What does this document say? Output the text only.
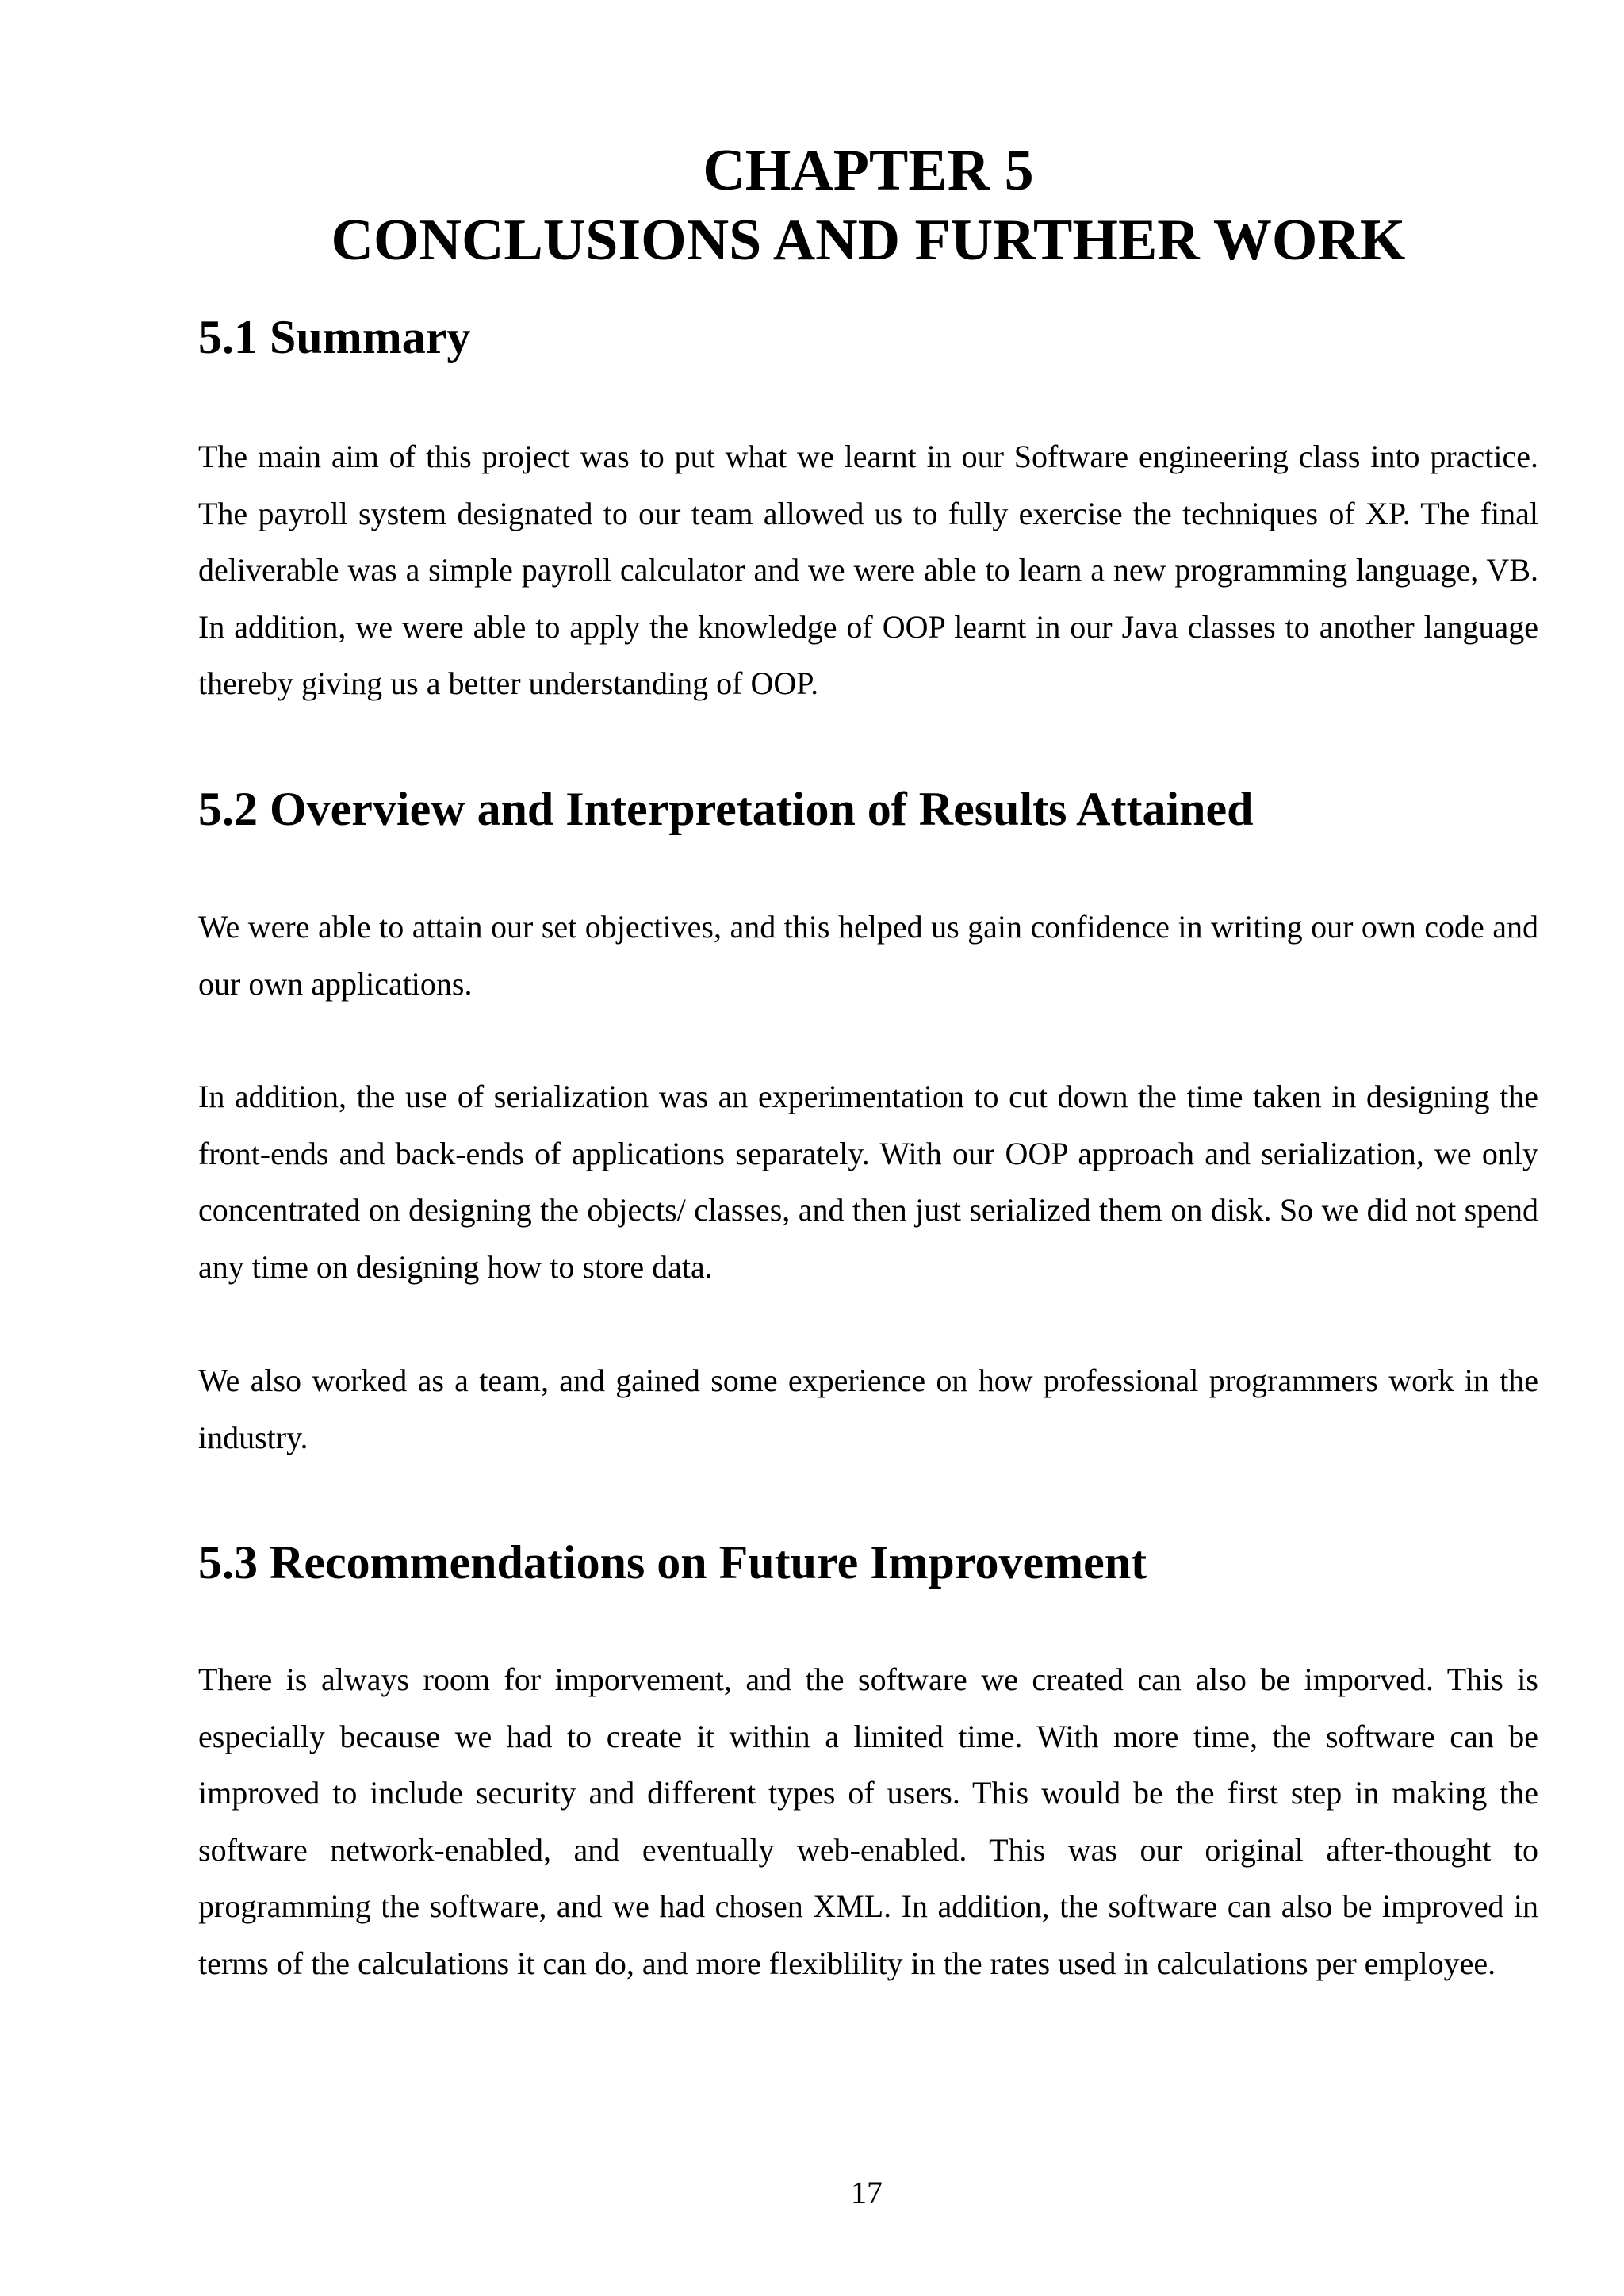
CHAPTER 5
CONCLUSIONS AND FURTHER WORK
5.1 Summary

The main aim of this project was to put what we learnt in our Software engineering class into practice. The payroll system designated to our team allowed us to fully exercise the techniques of XP. The final deliverable was a simple payroll calculator and we were able to learn a new programming language, VB. In addition, we were able to apply the knowledge of OOP learnt in our Java classes to another language thereby giving us a better understanding of OOP.

5.2 Overview and Interpretation of Results Attained

We were able to attain our set objectives, and this helped us gain confidence in writing our own code and our own applications.

In addition, the use of serialization was an experimentation to cut down the time taken in designing the front-ends and back-ends of applications separately. With our OOP approach and serialization, we only concentrated on designing the objects/ classes, and then just serialized them on disk. So we did not spend any time on designing how to store data.

We also worked as a team, and gained some experience on how professional programmers work in the industry.

5.3 Recommendations on Future Improvement

There is always room for imporvement, and the software we created can also be imporved. This is especially because we had to create it within a limited time. With more time, the software can be improved to include security and different types of users. This would be the first step in making the software network-enabled, and eventually web-enabled. This was our original after-thought to programming the software, and we had chosen XML. In addition, the software can also be improved in terms of the calculations it can do, and more flexiblility in the rates used in calculations per employee.

17
